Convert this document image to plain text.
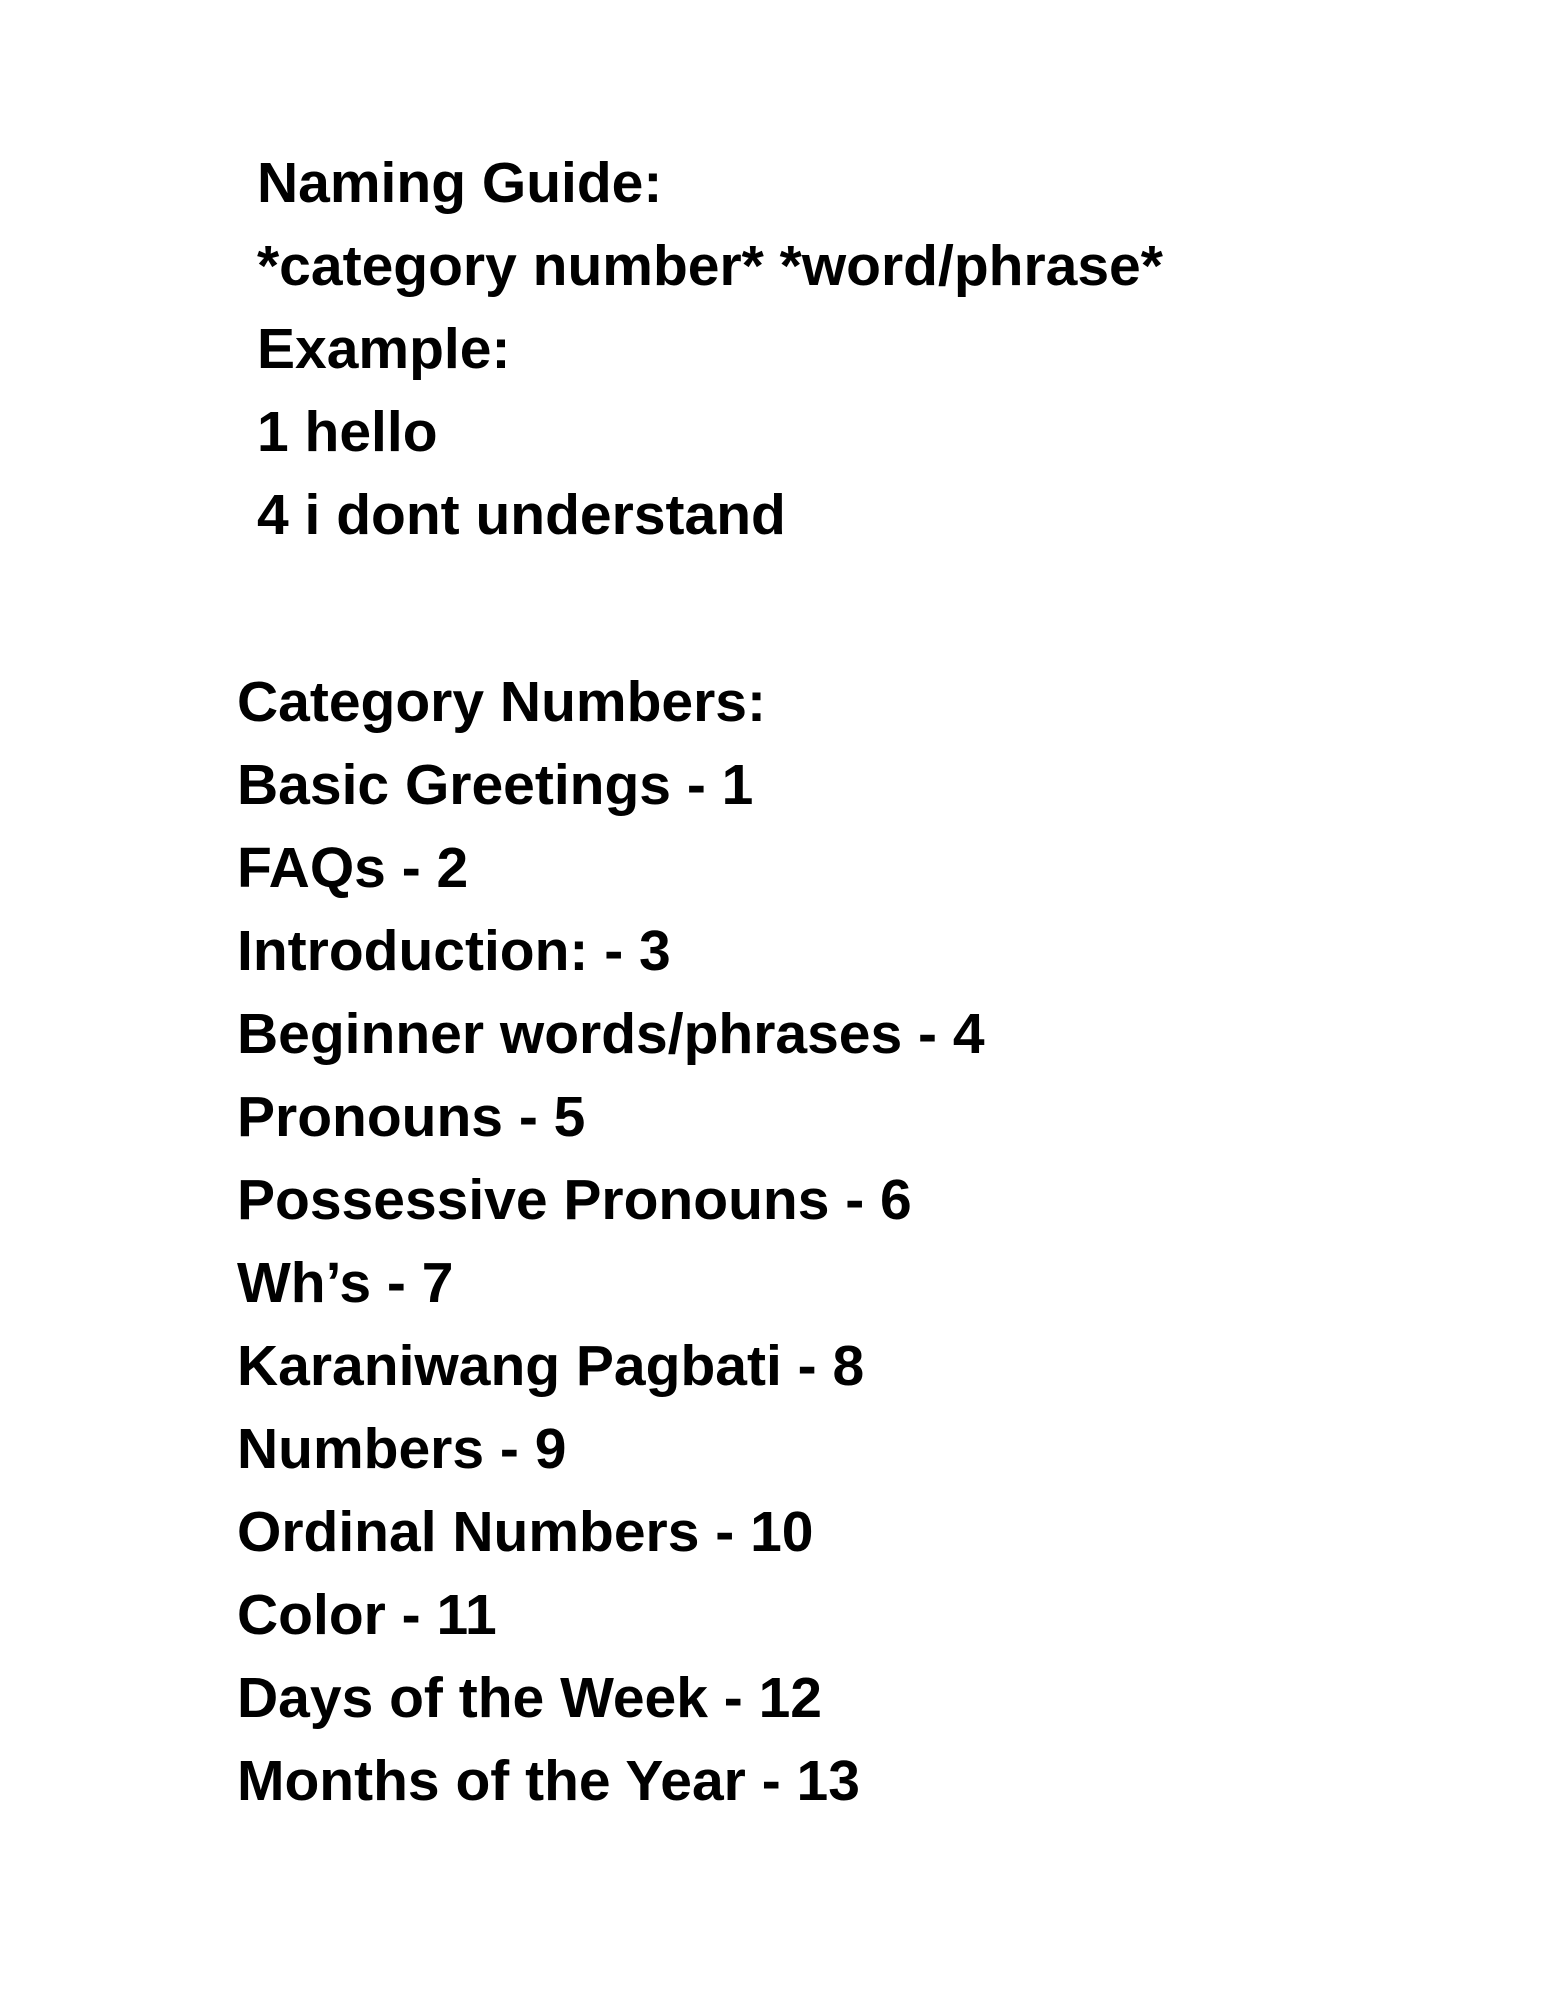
Naming Guide:

*category number* *word/phrase*

Example:

1 hello

4 i dont understand

Category Numbers:

Basic Greetings - 1

FAQs - 2

Introduction: - 3

Beginner words/phrases - 4

Pronouns - 5

Possessive Pronouns - 6

Wh’s - 7

Karaniwang Pagbati - 8

Numbers - 9

Ordinal Numbers - 10

Color - 11

Days of the Week - 12

Months of the Year - 13
